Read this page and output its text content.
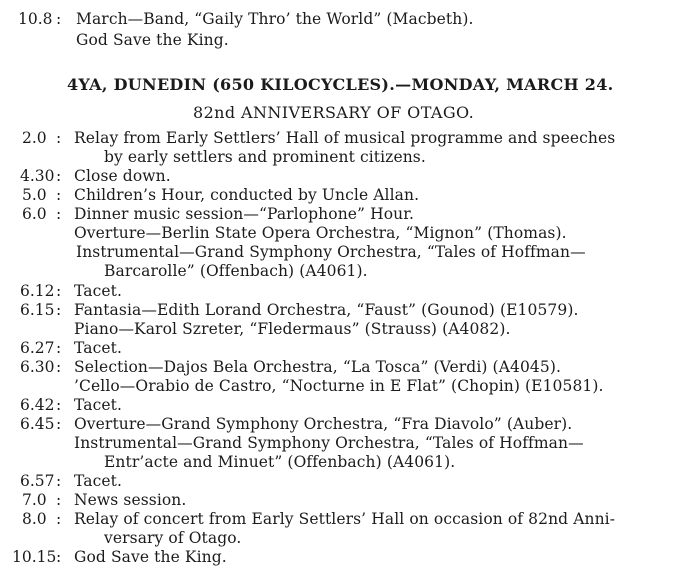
10.8 : March—Band, “Gaily Thro’ the World” (Macbeth).
God Save the King.
4YA, DUNEDIN (650 KILOCYCLES).—MONDAY, MARCH 24.
82nd ANNIVERSARY OF OTAGO.
2.0 : Relay from Early Settlers’ Hall of musical programme and speeches
by early settlers and prominent citizens.
4.30 : Close down.
5.0 : Children’s Hour, conducted by Uncle Allan.
6.0 : Dinner music session—“Parlophone” Hour.
Overture—Berlin State Opera Orchestra, “Mignon” (Thomas).
Instrumental—Grand Symphony Orchestra, “Tales of Hoffman—
Barcarolle” (Offenbach) (A4061).
6.12 : Tacet.
6.15 : Fantasia—Edith Lorand Orchestra, “Faust” (Gounod) (E10579).
Piano—Karol Szreter, “Fledermaus” (Strauss) (A4082).
6.27 : Tacet.
6.30 : Selection—Dajos Bela Orchestra, “La Tosca” (Verdi) (A4045).
’Cello—Orabio de Castro, “Nocturne in E Flat” (Chopin) (E10581).
6.42 : Tacet.
6.45 : Overture—Grand Symphony Orchestra, “Fra Diavolo” (Auber).
Instrumental—Grand Symphony Orchestra, “Tales of Hoffman—
Entr’acte and Minuet” (Offenbach) (A4061).
6.57 : Tacet.
7.0 : News session.
8.0 : Relay of concert from Early Settlers’ Hall on occasion of 82nd Anni-
versary of Otago.
10.15 : God Save the King.
